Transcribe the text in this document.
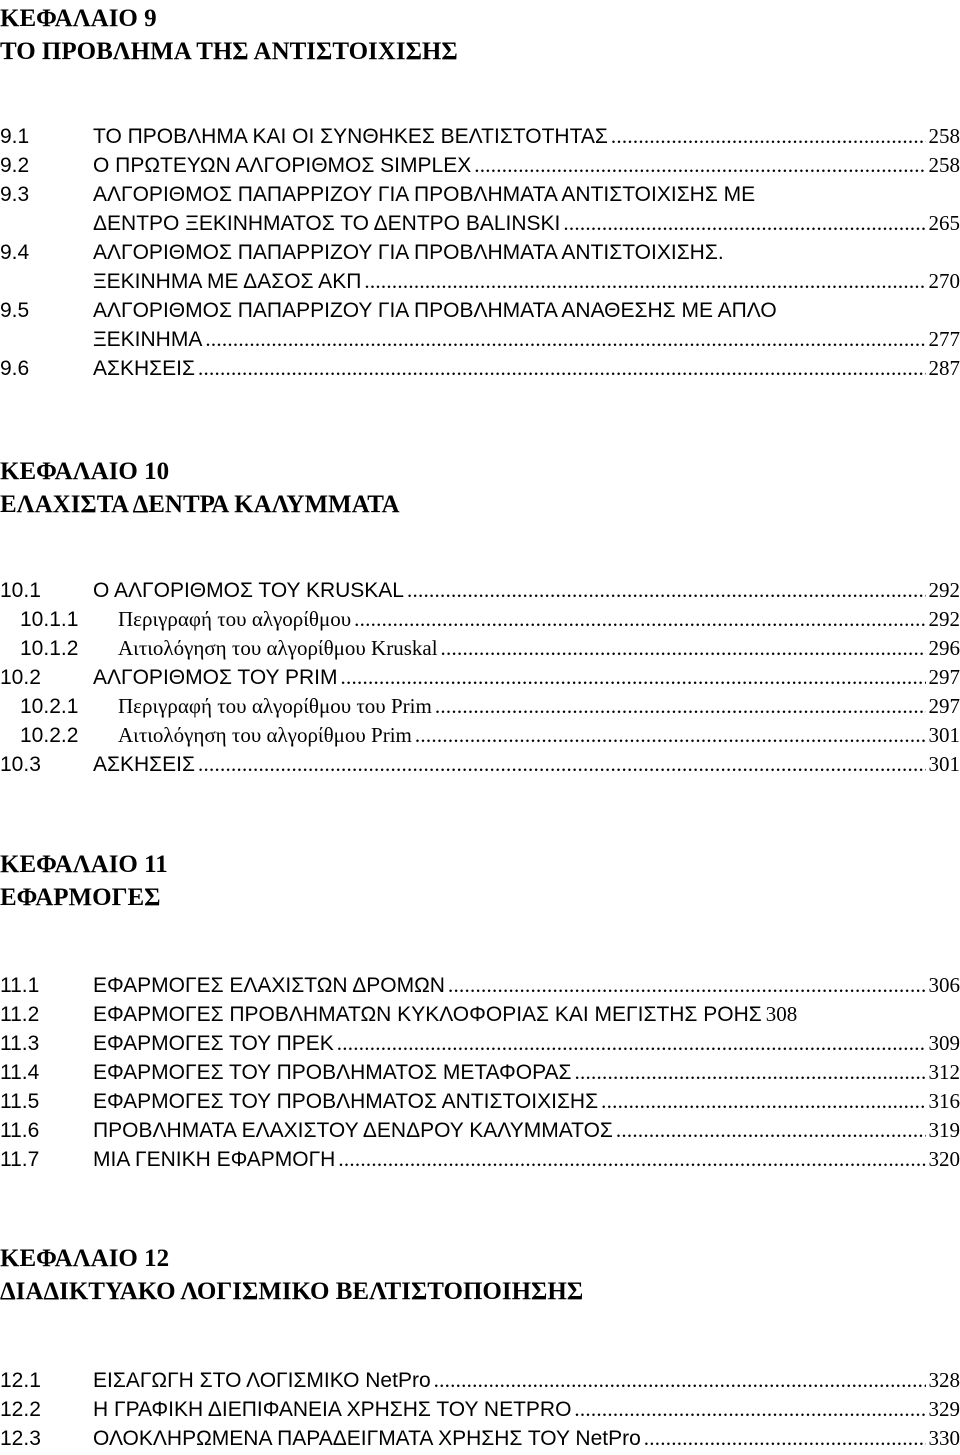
ΚΕΦΑΛΑΙΟ 9
ΤΟ ΠΡΟΒΛΗΜΑ ΤΗΣ ΑΝΤΙΣΤΟΙΧΙΣΗΣ
9.1	ΤΟ ΠΡΟΒΛΗΜΑ ΚΑΙ ΟΙ ΣΥΝΘΗΚΕΣ ΒΕΛΤΙΣΤΟΤΗΤΑΣ . . .	258
9.2	Ο ΠΡΩΤΕΥΩΝ ΑΛΓΟΡΙΘΜΟΣ SIMPLEX . . .	258
9.3	ΑΛΓΟΡΙΘΜΟΣ ΠΑΠΑΡΡΙΖΟΥ ΓΙΑ ΠΡΟΒΛΗΜΑΤΑ ΑΝΤΙΣΤΟΙΧΙΣΗΣ ΜΕ
ΔΕΝΤΡΟ ΞΕΚΙΝΗΜΑΤΟΣ ΤΟ ΔΕΝΤΡΟ BALINSKI . . .	265
9.4	ΑΛΓΟΡΙΘΜΟΣ ΠΑΠΑΡΡΙΖΟΥ ΓΙΑ ΠΡΟΒΛΗΜΑΤΑ ΑΝΤΙΣΤΟΙΧΙΣΗΣ.
ΞΕΚΙΝΗΜΑ ΜΕ ΔΑΣΟΣ ΑΚΠ . . .	270
9.5	ΑΛΓΟΡΙΘΜΟΣ ΠΑΠΑΡΡΙΖΟΥ ΓΙΑ ΠΡΟΒΛΗΜΑΤΑ ΑΝΑΘΕΣΗΣ ΜΕ ΑΠΛΟ
ΞΕΚΙΝΗΜΑ . . .	277
9.6	ΑΣΚΗΣΕΙΣ . . .	287
ΚΕΦΑΛΑΙΟ 10
ΕΛΑΧΙΣΤΑ ΔΕΝΤΡΑ ΚΑΛΥΜΜΑΤΑ
10.1 Ο ΑΛΓΟΡΙΘΜΟΣ ΤΟΥ KRUSKAL . . .	292
10.1.1 Περιγραφή του αλγορίθμου . . .	292
10.1.2 Αιτιολόγηση του αλγορίθμου Kruskal . . .	296
10.2 ΑΛΓΟΡΙΘΜΟΣ ΤΟΥ PRIM . . .	297
10.2.1 Περιγραφή του αλγορίθμου του Prim . . .	297
10.2.2 Αιτιολόγηση του αλγορίθμου Prim . . .	301
10.3 ΑΣΚΗΣΕΙΣ . . .	301
ΚΕΦΑΛΑΙΟ 11
ΕΦΑΡΜΟΓΕΣ
11.1	ΕΦΑΡΜΟΓΕΣ ΕΛΑΧΙΣΤΩΝ ΔΡΟΜΩΝ . . .	306
11.2	ΕΦΑΡΜΟΓΕΣ ΠΡΟΒΛΗΜΑΤΩΝ ΚΥΚΛΟΦΟΡΙΑΣ ΚΑΙ ΜΕΓΙΣΤΗΣ ΡΟΗΣ 308
11.3	ΕΦΑΡΜΟΓΕΣ ΤΟΥ ΠΡΕΚ . . .	309
11.4	ΕΦΑΡΜΟΓΕΣ ΤΟΥ ΠΡΟΒΛΗΜΑΤΟΣ ΜΕΤΑΦΟΡΑΣ . . .	312
11.5	ΕΦΑΡΜΟΓΕΣ ΤΟΥ ΠΡΟΒΛΗΜΑΤΟΣ ΑΝΤΙΣΤΟΙΧΙΣΗΣ . . .	316
11.6	ΠΡΟΒΛΗΜΑΤΑ ΕΛΑΧΙΣΤΟΥ ΔΕΝΔΡΟΥ ΚΑΛΥΜΜΑΤΟΣ . . .	319
11.7	ΜΙΑ ΓΕΝΙΚΗ ΕΦΑΡΜΟΓΗ . . .	320
ΚΕΦΑΛΑΙΟ 12
ΔΙΑΔΙΚΤΥΑΚΟ ΛΟΓΙΣΜΙΚΟ ΒΕΛΤΙΣΤΟΠΟΙΗΣΗΣ
12.1 ΕΙΣΑΓΩΓΗ ΣΤΟ ΛΟΓΙΣΜΙΚΟ NetPro . . .	328
12.2 Η ΓΡΑΦΙΚΗ ΔΙΕΠΙΦΑΝΕΙΑ ΧΡΗΣΗΣ ΤΟΥ NETPRO . . .	329
12.3 ΟΛΟΚΛΗΡΩΜΕΝΑ ΠΑΡΑΔΕΙΓΜΑΤΑ ΧΡΗΣΗΣ ΤΟΥ NetPro . . .	330
